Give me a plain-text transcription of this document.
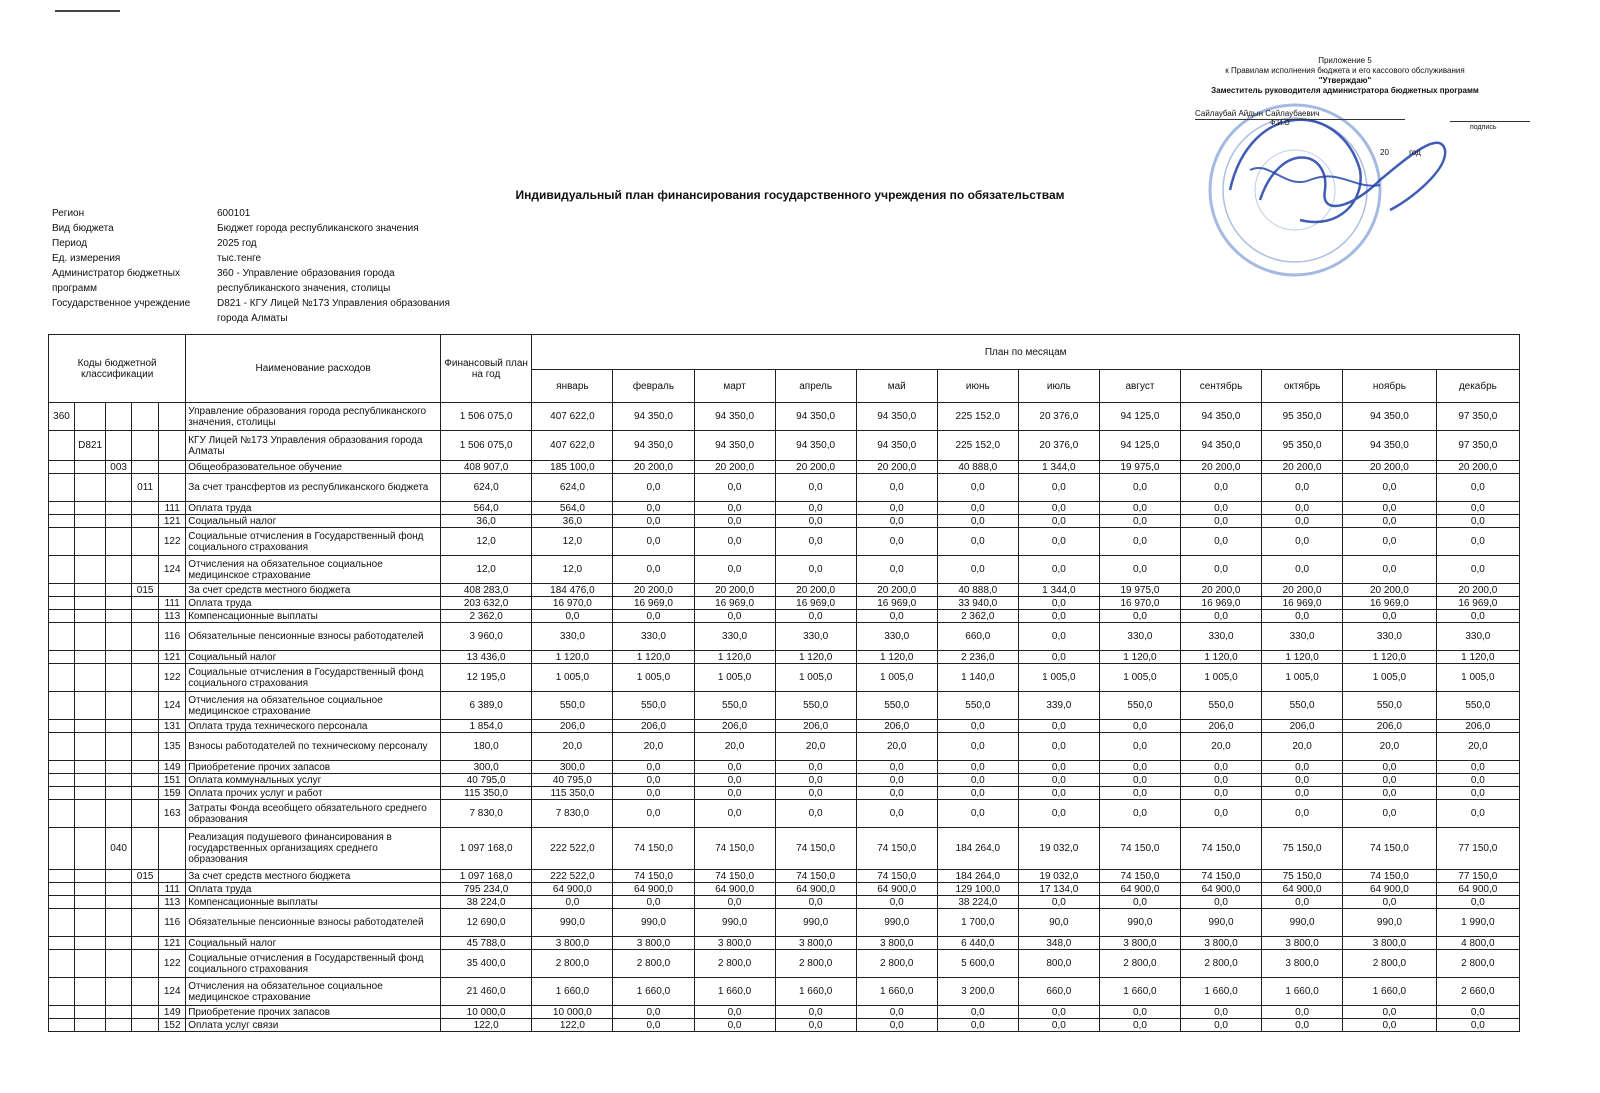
Приложение 5
к Правилам исполнения бюджета и его кассового обслуживания
"Утверждаю"
Заместитель руководителя администратора бюджетных программ
Сайлаубай Айдын Сайлаубаевич
Ф.И.О
подпись
20	год
Индивидуальный план финансирования государственного учреждения по обязательствам
Регион	600101
Вид бюджета	Бюджет города республиканского значения
Период	2025 год
Ед. измерения	тыс.тенге
Администратор бюджетных программ
360 - Управление образования города республиканского значения, столицы
Государственное учреждение	D821 - КГУ Лицей №173 Управления образования города Алматы
Коды бюджетной классификации					Наименование расходов	Финансовый план на год	План по месяцам											
							январь	февраль	март	апрель	май	июнь	июль	август	сентябрь	октябрь	ноябрь	декабрь
360					Управление образования города республиканского значения, столицы	1 506 075,0	407 622,0	94 350,0	94 350,0	94 350,0	94 350,0	225 152,0	20 376,0	94 125,0	94 350,0	95 350,0	94 350,0	97 350,0
	D821				КГУ Лицей №173 Управления образования города Алматы	1 506 075,0	407 622,0	94 350,0	94 350,0	94 350,0	94 350,0	225 152,0	20 376,0	94 125,0	94 350,0	95 350,0	94 350,0	97 350,0
		003			Общеобразовательное обучение	408 907,0	185 100,0	20 200,0	20 200,0	20 200,0	20 200,0	40 888,0	1 344,0	19 975,0	20 200,0	20 200,0	20 200,0	20 200,0
			011		За счет трансфертов из республиканского бюджета	624,0	624,0	0,0	0,0	0,0	0,0	0,0	0,0	0,0	0,0	0,0	0,0	0,0
				111	Оплата труда	564,0	564,0	0,0	0,0	0,0	0,0	0,0	0,0	0,0	0,0	0,0	0,0	0,0
				121	Социальный налог	36,0	36,0	0,0	0,0	0,0	0,0	0,0	0,0	0,0	0,0	0,0	0,0	0,0
				122	Социальные отчисления в Государственный фонд социального страхования	12,0	12,0	0,0	0,0	0,0	0,0	0,0	0,0	0,0	0,0	0,0	0,0	0,0
				124	Отчисления на обязательное социальное медицинское страхование	12,0	12,0	0,0	0,0	0,0	0,0	0,0	0,0	0,0	0,0	0,0	0,0	0,0
			015		За счет средств местного бюджета	408 283,0	184 476,0	20 200,0	20 200,0	20 200,0	20 200,0	40 888,0	1 344,0	19 975,0	20 200,0	20 200,0	20 200,0	20 200,0
				111	Оплата труда	203 632,0	16 970,0	16 969,0	16 969,0	16 969,0	16 969,0	33 940,0	0,0	16 970,0	16 969,0	16 969,0	16 969,0	16 969,0
				113	Компенсационные выплаты	2 362,0	0,0	0,0	0,0	0,0	0,0	2 362,0	0,0	0,0	0,0	0,0	0,0	0,0
				116	Обязательные пенсионные взносы работодателей	3 960,0	330,0	330,0	330,0	330,0	330,0	660,0	0,0	330,0	330,0	330,0	330,0	330,0
				121	Социальный налог	13 436,0	1 120,0	1 120,0	1 120,0	1 120,0	1 120,0	2 236,0	0,0	1 120,0	1 120,0	1 120,0	1 120,0	1 120,0
				122	Социальные отчисления в Государственный фонд социального страхования	12 195,0	1 005,0	1 005,0	1 005,0	1 005,0	1 005,0	1 140,0	1 005,0	1 005,0	1 005,0	1 005,0	1 005,0	1 005,0
				124	Отчисления на обязательное социальное медицинское страхование	6 389,0	550,0	550,0	550,0	550,0	550,0	550,0	339,0	550,0	550,0	550,0	550,0	550,0
				131	Оплата труда технического персонала	1 854,0	206,0	206,0	206,0	206,0	206,0	0,0	0,0	0,0	206,0	206,0	206,0	206,0
				135	Взносы работодателей по техническому персоналу	180,0	20,0	20,0	20,0	20,0	20,0	0,0	0,0	0,0	20,0	20,0	20,0	20,0
				149	Приобретение прочих запасов	300,0	300,0	0,0	0,0	0,0	0,0	0,0	0,0	0,0	0,0	0,0	0,0	0,0
				151	Оплата коммунальных услуг	40 795,0	40 795,0	0,0	0,0	0,0	0,0	0,0	0,0	0,0	0,0	0,0	0,0	0,0
				159	Оплата прочих услуг и работ	115 350,0	115 350,0	0,0	0,0	0,0	0,0	0,0	0,0	0,0	0,0	0,0	0,0	0,0
				163	Затраты Фонда всеобщего обязательного среднего образования	7 830,0	7 830,0	0,0	0,0	0,0	0,0	0,0	0,0	0,0	0,0	0,0	0,0	0,0
		040			Реализация подушевого финансирования в государственных организациях среднего образования	1 097 168,0	222 522,0	74 150,0	74 150,0	74 150,0	74 150,0	184 264,0	19 032,0	74 150,0	74 150,0	75 150,0	74 150,0	77 150,0
			015		За счет средств местного бюджета	1 097 168,0	222 522,0	74 150,0	74 150,0	74 150,0	74 150,0	184 264,0	19 032,0	74 150,0	74 150,0	75 150,0	74 150,0	77 150,0
				111	Оплата труда	795 234,0	64 900,0	64 900,0	64 900,0	64 900,0	64 900,0	129 100,0	17 134,0	64 900,0	64 900,0	64 900,0	64 900,0	64 900,0
				113	Компенсационные выплаты	38 224,0	0,0	0,0	0,0	0,0	0,0	38 224,0	0,0	0,0	0,0	0,0	0,0	0,0
				116	Обязательные пенсионные взносы работодателей	12 690,0	990,0	990,0	990,0	990,0	990,0	1 700,0	90,0	990,0	990,0	990,0	990,0	1 990,0
				121	Социальный налог	45 788,0	3 800,0	3 800,0	3 800,0	3 800,0	3 800,0	6 440,0	348,0	3 800,0	3 800,0	3 800,0	3 800,0	4 800,0
				122	Социальные отчисления в Государственный фонд социального страхования	35 400,0	2 800,0	2 800,0	2 800,0	2 800,0	2 800,0	5 600,0	800,0	2 800,0	2 800,0	3 800,0	2 800,0	2 800,0
				124	Отчисления на обязательное социальное медицинское страхование	21 460,0	1 660,0	1 660,0	1 660,0	1 660,0	1 660,0	3 200,0	660,0	1 660,0	1 660,0	1 660,0	1 660,0	2 660,0
				149	Приобретение прочих запасов	10 000,0	10 000,0	0,0	0,0	0,0	0,0	0,0	0,0	0,0	0,0	0,0	0,0	0,0
				152	Оплата услуг связи	122,0	122,0	0,0	0,0	0,0	0,0	0,0	0,0	0,0	0,0	0,0	0,0	0,0
